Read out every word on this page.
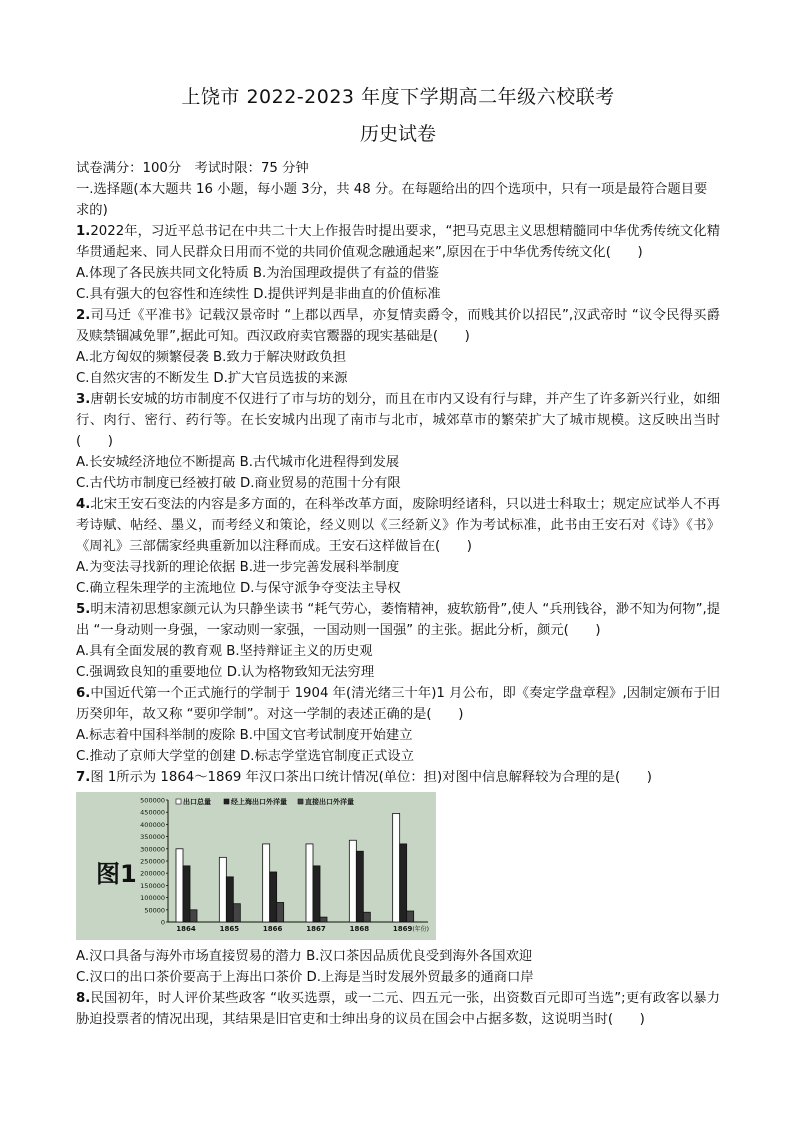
上饶市 2022-2023 年度下学期高二年级六校联考
历史试卷

试卷满分：100分　考试时限：75 分钟

一.选择题(本大题共 16 小题，每小题 3分，共 48 分。在每题给出的四个选项中，只有一项是最符合题目要求的)

1.2022年，习近平总书记在中共二十大上作报告时提出要求，“把马克思主义思想精髓同中华优秀传统文化精华贯通起来、同人民群众日用而不觉的共同价值观念融通起来”,原因在于中华优秀传统文化(　　)

A.体现了各民族共同文化特质 B.为治国理政提供了有益的借鉴

C.具有强大的包容性和连续性 D.提供评判是非曲直的价值标准

2.司马迁《平准书》记载汉景帝时 “上郡以西旱，亦复情卖爵令，而贱其价以招民”,汉武帝时 “议令民得买爵及赎禁锢减免罪”,据此可知。西汉政府卖官鬻器的现实基础是(　　)

A.北方匈奴的频繁侵袭 B.致力于解决财政负担

C.自然灾害的不断发生 D.扩大官员选拔的来源

3.唐朝长安城的坊市制度不仅进行了市与坊的划分，而且在市内又设有行与肆，并产生了许多新兴行业，如细行、肉行、密行、药行等。在长安城内出现了南市与北市，城郊草市的繁荣扩大了城市规模。这反映出当时(　　)

A.长安城经济地位不断提高 B.古代城市化进程得到发展

C.古代坊市制度已经被打破 D.商业贸易的范围十分有限

4.北宋王安石变法的内容是多方面的，在科举改革方面，废除明经诸科，只以进士科取士；规定应试举人不再考诗赋、帖经、墨义，而考经义和策论，经义则以《三经新义》作为考试标准，此书由王安石对《诗》《书》《周礼》三部儒家经典重新加以注释而成。王安石这样做旨在(　　)

A.为变法寻找新的理论依据 B.进一步完善发展科举制度

C.确立程朱理学的主流地位 D.与保守派争夺变法主导权

5.明末清初思想家颜元认为只静坐读书 “耗气劳心，萎惰精神，疲软筋骨”,使人 “兵刑钱谷，渺不知为何物”,提出 “一身动则一身强，一家动则一家强，一国动则一国强” 的主张。据此分析，颜元(　　)

A.具有全面发展的教育观 B.坚持辩证主义的历史观

C.强调致良知的重要地位 D.认为格物致知无法穷理

6.中国近代第一个正式施行的学制于 1904 年(清光绪三十年)1 月公布，即《奏定学盘章程》,因制定颁布于旧历癸卯年，故又称 “要卯学制”。对这一学制的表述正确的是(　　)

A.标志着中国科举制的废除 B.中国文官考试制度开始建立

C.推动了京师大学堂的创建 D.标志学堂选官制度正式设立

7.图 1所示为 1864～1869 年汉口茶出口统计情况(单位：担)对图中信息解释较为合理的是(　　)

0
50000
100000
150000
200000
250000
300000
350000
400000
450000
500000	出口总量	经上海出口外洋量	直接出口外洋量
1864	1865	1866	1867	1868	1869 (年份)
图1

A.汉口具备与海外市场直接贸易的潜力 B.汉口茶因品质优良受到海外各国欢迎

C.汉口的出口茶价要高于上海出口茶价 D.上海是当时发展外贸最多的通商口岸

8.民国初年，时人评价某些政客 “收买选票，或一二元、四五元一张，出资数百元即可当选”;更有政客以暴力胁迫投票者的情况出现，其结果是旧官吏和士绅出身的议员在国会中占据多数，这说明当时(　　)
